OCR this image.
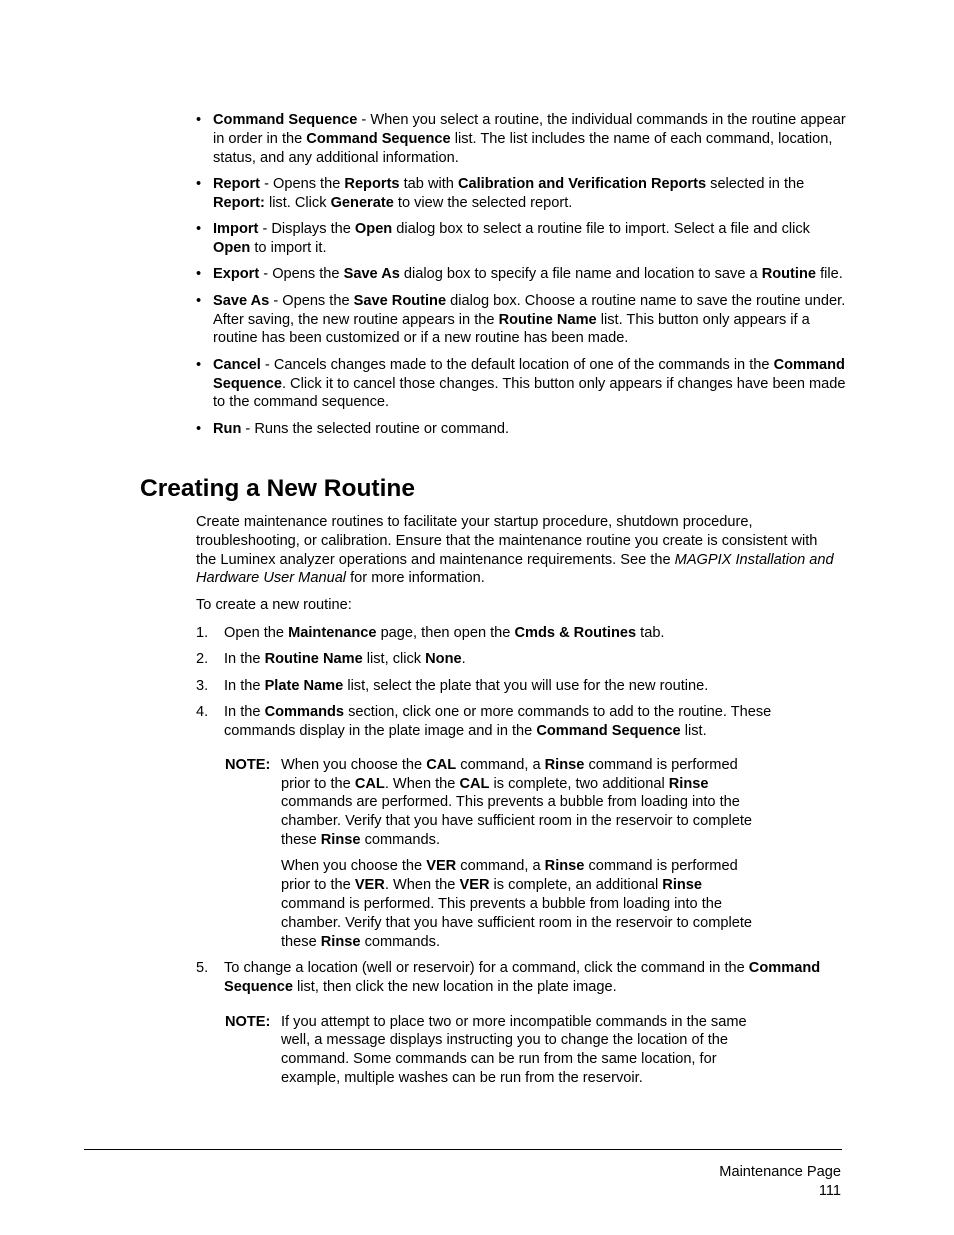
• Command Sequence - When you select a routine, the individual commands in the routine appear in order in the Command Sequence list. The list includes the name of each command, location, status, and any additional information.
• Report - Opens the Reports tab with Calibration and Verification Reports selected in the Report: list. Click Generate to view the selected report.
• Import - Displays the Open dialog box to select a routine file to import. Select a file and click Open to import it.
• Export - Opens the Save As dialog box to specify a file name and location to save a Routine file.
• Save As - Opens the Save Routine dialog box. Choose a routine name to save the routine under. After saving, the new routine appears in the Routine Name list. This button only appears if a routine has been customized or if a new routine has been made.
• Cancel - Cancels changes made to the default location of one of the commands in the Command Sequence. Click it to cancel those changes. This button only appears if changes have been made to the command sequence.
• Run - Runs the selected routine or command.
Creating a New Routine

Create maintenance routines to facilitate your startup procedure, shutdown procedure, troubleshooting, or calibration. Ensure that the maintenance routine you create is consistent with the Luminex analyzer operations and maintenance requirements. See the MAGPIX Installation and Hardware User Manual for more information.

To create a new routine:

1. Open the Maintenance page, then open the Cmds & Routines tab.

2. In the Routine Name list, click None.

3. In the Plate Name list, select the plate that you will use for the new routine.

4. In the Commands section, click one or more commands to add to the routine. These commands display in the plate image and in the Command Sequence list.

NOTE: When you choose the CAL command, a Rinse command is performed prior to the CAL. When the CAL is complete, two additional Rinse commands are performed. This prevents a bubble from loading into the chamber. Verify that you have sufficient room in the reservoir to complete these Rinse commands.

When you choose the VER command, a Rinse command is performed prior to the VER. When the VER is complete, an additional Rinse command is performed. This prevents a bubble from loading into the chamber. Verify that you have sufficient room in the reservoir to complete these Rinse commands.

5. To change a location (well or reservoir) for a command, click the command in the Command Sequence list, then click the new location in the plate image.

NOTE: If you attempt to place two or more incompatible commands in the same well, a message displays instructing you to change the location of the command. Some commands can be run from the same location, for example, multiple washes can be run from the reservoir.

Maintenance Page
111
